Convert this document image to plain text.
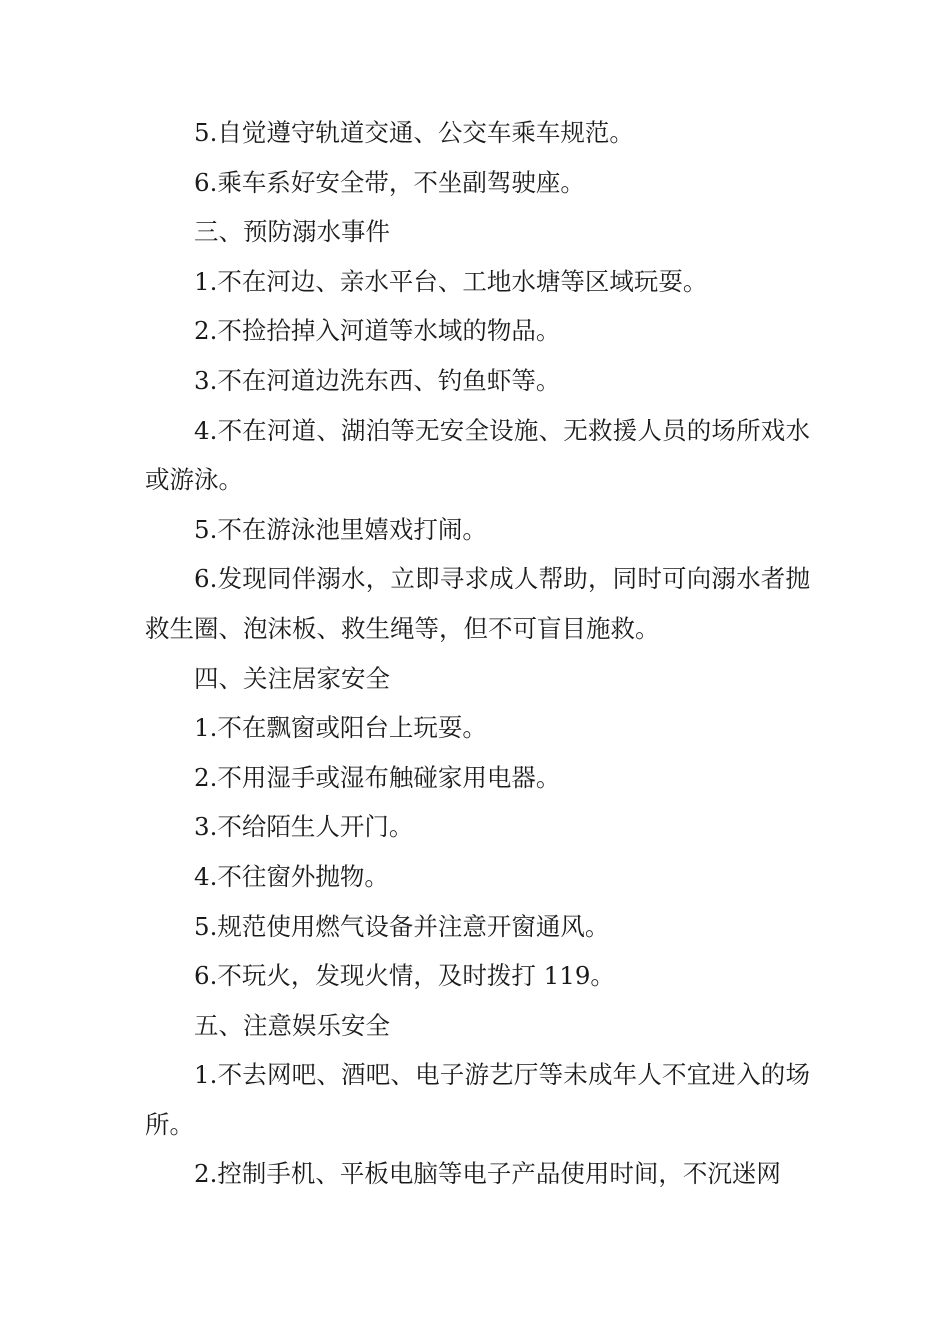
5.自觉遵守轨道交通、公交车乘车规范。

6.乘车系好安全带，不坐副驾驶座。

三、预防溺水事件

1.不在河边、亲水平台、工地水塘等区域玩耍。

2.不捡拾掉入河道等水域的物品。

3.不在河道边洗东西、钓鱼虾等。

4.不在河道、湖泊等无安全设施、无救援人员的场所戏水或游泳。

5.不在游泳池里嬉戏打闹。

6.发现同伴溺水，立即寻求成人帮助，同时可向溺水者抛救生圈、泡沫板、救生绳等，但不可盲目施救。

四、关注居家安全

1.不在飘窗或阳台上玩耍。

2.不用湿手或湿布触碰家用电器。

3.不给陌生人开门。

4.不往窗外抛物。

5.规范使用燃气设备并注意开窗通风。

6.不玩火，发现火情，及时拨打 119。

五、注意娱乐安全

1.不去网吧、酒吧、电子游艺厅等未成年人不宜进入的场所。

2.控制手机、平板电脑等电子产品使用时间，不沉迷网
